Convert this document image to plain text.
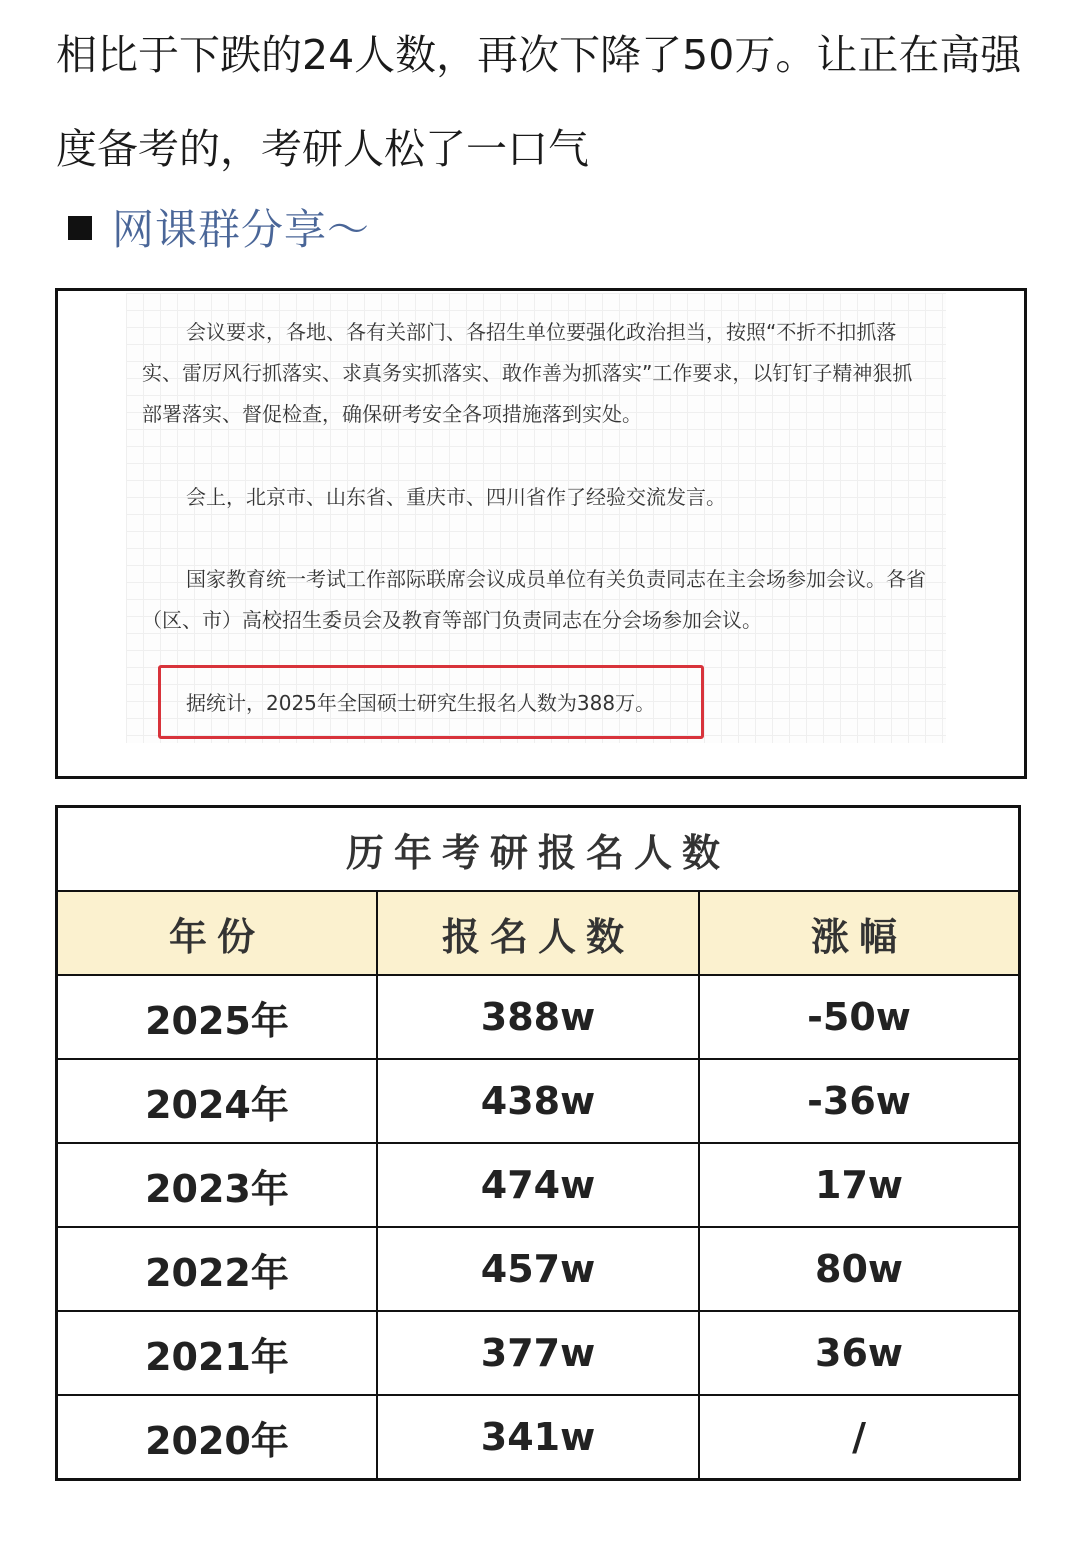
相比于下跌的24人数，再次下降了50万。让正在高强度备考的，考研人松了一口气

网课群分享～

会议要求，各地、各有关部门、各招生单位要强化政治担当，按照“不折不扣抓落实、雷厉风行抓落实、求真务实抓落实、敢作善为抓落实”工作要求，以钉钉子精神狠抓部署落实、督促检查，确保研考安全各项措施落到实处。

会上，北京市、山东省、重庆市、四川省作了经验交流发言。

国家教育统一考试工作部际联席会议成员单位有关负责同志在主会场参加会议。各省（区、市）高校招生委员会及教育等部门负责同志在分会场参加会议。

据统计，2025年全国硕士研究生报名人数为388万。

历年考研报名人数		
年份	报名人数	涨幅
2025年	388w	-50w
2024年	438w	-36w
2023年	474w	17w
2022年	457w	80w
2021年	377w	36w
2020年	341w	/
